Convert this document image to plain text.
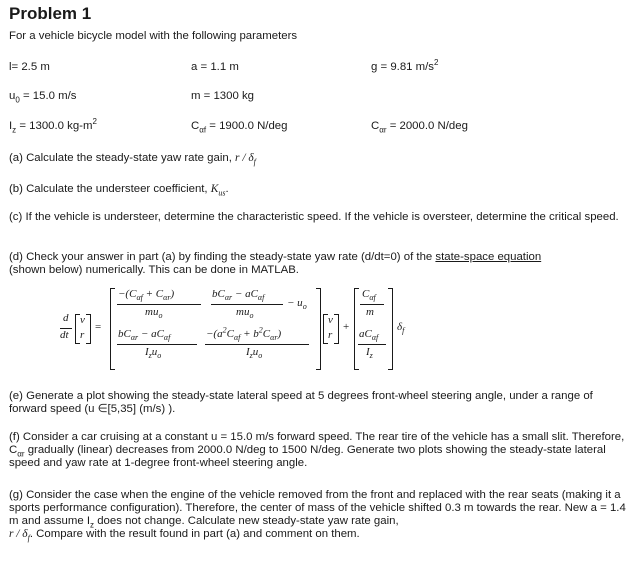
Problem 1
For a vehicle bicycle model with the following parameters
l= 2.5 m	a = 1.1 m	g = 9.81 $m/s^2$
$u_0 = 15.0$ m/s	m = 1300 kg
$I_z = 1300.0$ $kg-m^2$	$C_{\alpha f} = 1900.0$ N/deg	$C_{\alpha r} = 2000.0$ N/deg
(a) Calculate the steady-state yaw rate gain, r / $\delta_f$
(b) Calculate the understeer coefficient, $K_{us}$.
(c) If the vehicle is understeer, determine the characteristic speed. If the vehicle is oversteer, determine the critical speed.
(d) Check your answer in part (a) by finding the steady-state yaw rate (d/dt=0) of the state-space equation
(shown below) numerically. This can be done in MATLAB.
d
dt
v
r
=
$-(C_{\alpha f} + C_{\alpha r})$
$mu_o$
$bC_{\alpha r} - aC_{\alpha f}$
$mu_o$
− $u_o$
$bC_{\alpha r} - aC_{\alpha f}$
$I_zu_o$
$-(a^2C_{\alpha f} + b^2C_{\alpha r})$
$I_zu_o$
v
r
+
$C_{\alpha f}$
m
$aC_{\alpha f}$
$I_z$
$\delta_f$
(e) Generate a plot showing the steady-state lateral speed at 5 degrees front-wheel steering angle, under a range of forward speed (u ∈[5,35] (m/s) ).
(f) Consider a car cruising at a constant u = 15.0 m/s forward speed. The rear tire of the vehicle has a small slit. Therefore, $C_{\alpha r}$ gradually (linear) decreases from 2000.0 N/deg to 1500 N/deg. Generate two plots showing the steady-state lateral speed and yaw rate at 1-degree front-wheel steering angle.
(g) Consider the case when the engine of the vehicle removed from the front and replaced with the rear seats (making it a sports performance configuration). Therefore, the center of mass of the vehicle shifted 0.3 m towards the rear. New a = 1.4 m and assume $I_z$ does not change. Calculate new steady-state yaw rate gain,
r / $\delta_f$. Compare with the result found in part (a) and comment on them.
